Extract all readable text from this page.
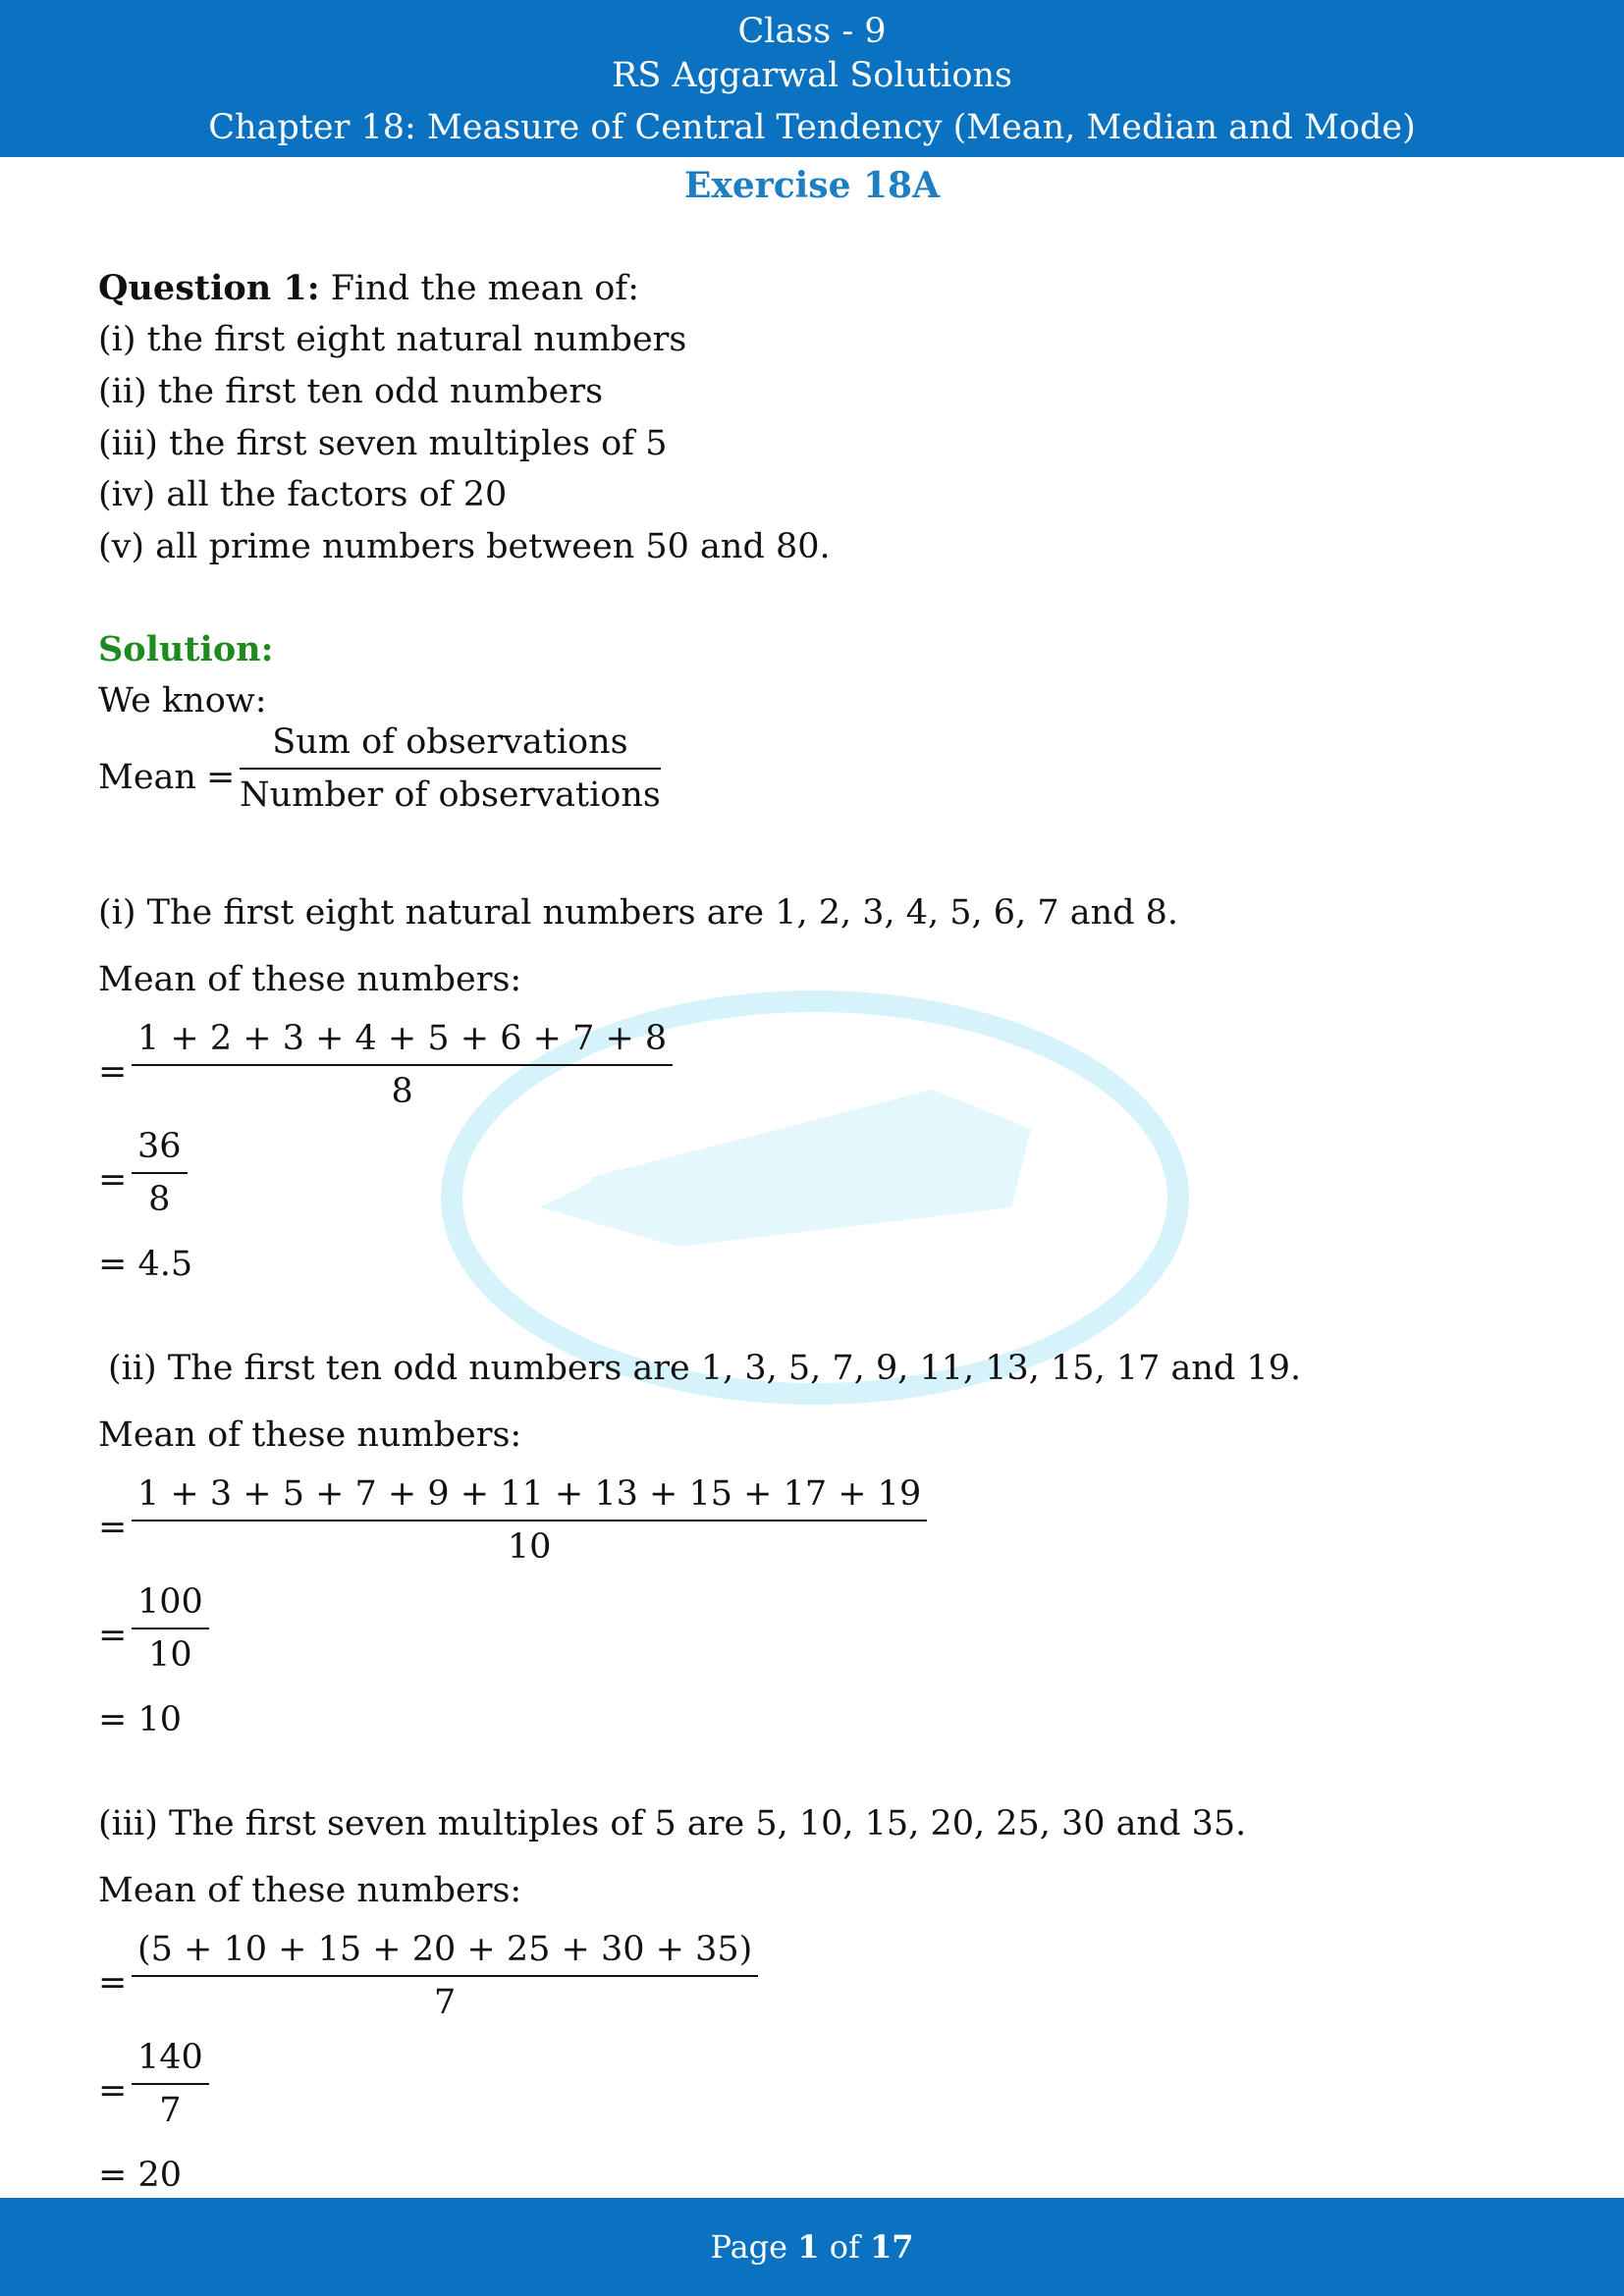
Class - 9
RS Aggarwal Solutions
Chapter 18: Measure of Central Tendency (Mean, Median and Mode)
Exercise 18A
Question 1: Find the mean of:
(i) the first eight natural numbers
(ii) the first ten odd numbers
(iii) the first seven multiples of 5
(iv) all the factors of 20
(v) all prime numbers between 50 and 80.
Solution:
We know:
Mean =
Sum of observations
Number of observations
(i) The first eight natural numbers are 1, 2, 3, 4, 5, 6, 7 and 8.
Mean of these numbers:
= $\frac{1 + 2 + 3 + 4 + 5 + 6 + 7 + 8}{8}$
= $\frac{36}{8}$
= 4.5
(ii) The first ten odd numbers are 1, 3, 5, 7, 9, 11, 13, 15, 17 and 19.
Mean of these numbers:
= $\frac{1 + 3 + 5 + 7 + 9 + 11 + 13 + 15 + 17 + 19}{10}$
= $\frac{100}{10}$
= 10
(iii) The first seven multiples of 5 are 5, 10, 15, 20, 25, 30 and 35.
Mean of these numbers:
= $\frac{(5 + 10 + 15 + 20 + 25 + 30 + 35)}{7}$
= $\frac{140}{7}$
= 20
Page 1 of 17
